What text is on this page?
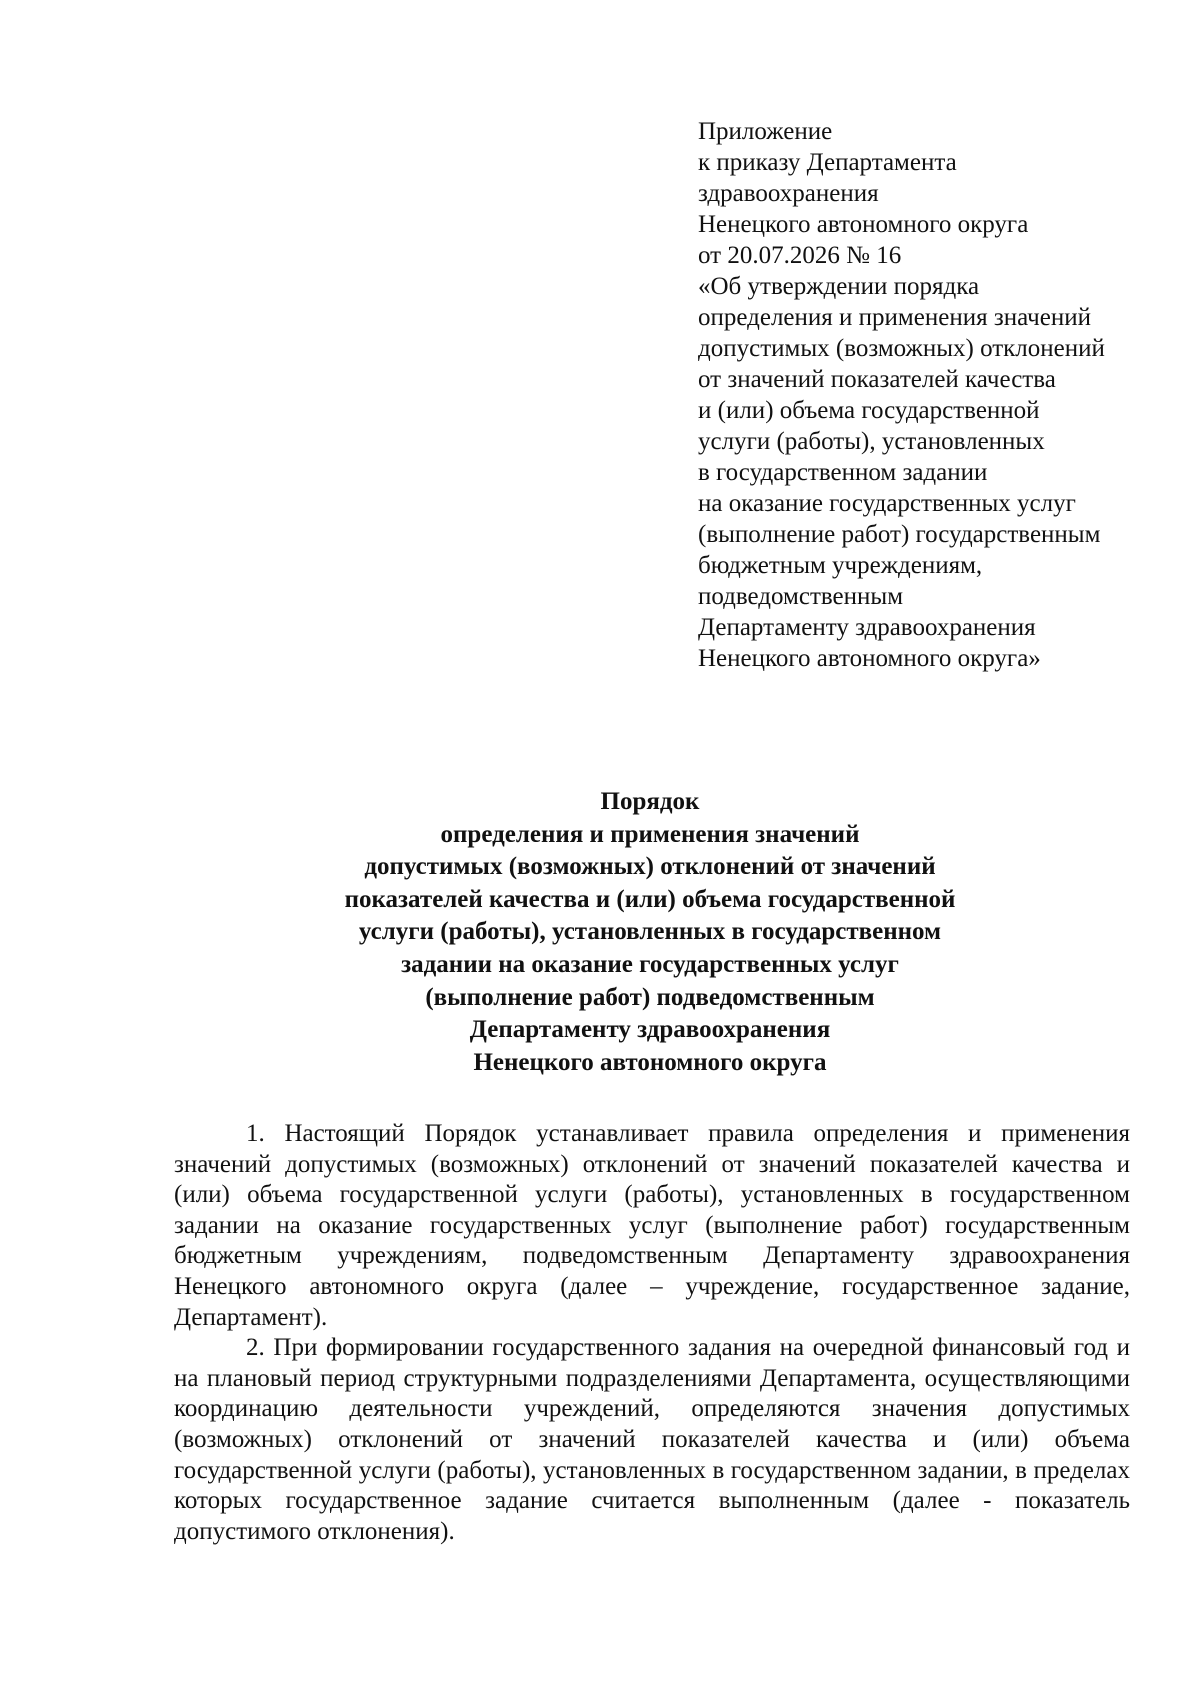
Приложение
к приказу Департамента
здравоохранения
Ненецкого автономного округа
от 20.07.2026 № 16
«Об утверждении порядка
определения и применения значений
допустимых (возможных) отклонений
от значений показателей качества
и (или) объема государственной
услуги (работы), установленных
в государственном задании
на оказание государственных услуг
(выполнение работ) государственным
бюджетным учреждениям,
подведомственным
Департаменту здравоохранения
Ненецкого автономного округа»
Порядок
определения и применения значений
допустимых (возможных) отклонений от значений
показателей качества и (или) объема государственной
услуги (работы), установленных в государственном
задании на оказание государственных услуг
(выполнение работ) подведомственным
Департаменту здравоохранения
Ненецкого автономного округа

1. Настоящий Порядок устанавливает правила определения и применения значений допустимых (возможных) отклонений от значений показателей качества и (или) объема государственной услуги (работы), установленных в государственном задании на оказание государственных услуг (выполнение работ) государственным бюджетным учреждениям, подведомственным Департаменту здравоохранения Ненецкого автономного округа (далее – учреждение, государственное задание, Департамент).

2. При формировании государственного задания на очередной финансовый год и на плановый период структурными подразделениями Департамента, осуществляющими координацию деятельности учреждений, определяются значения допустимых (возможных) отклонений от значений показателей качества и (или) объема государственной услуги (работы), установленных в государственном задании, в пределах которых государственное задание считается выполненным (далее - показатель допустимого отклонения).
